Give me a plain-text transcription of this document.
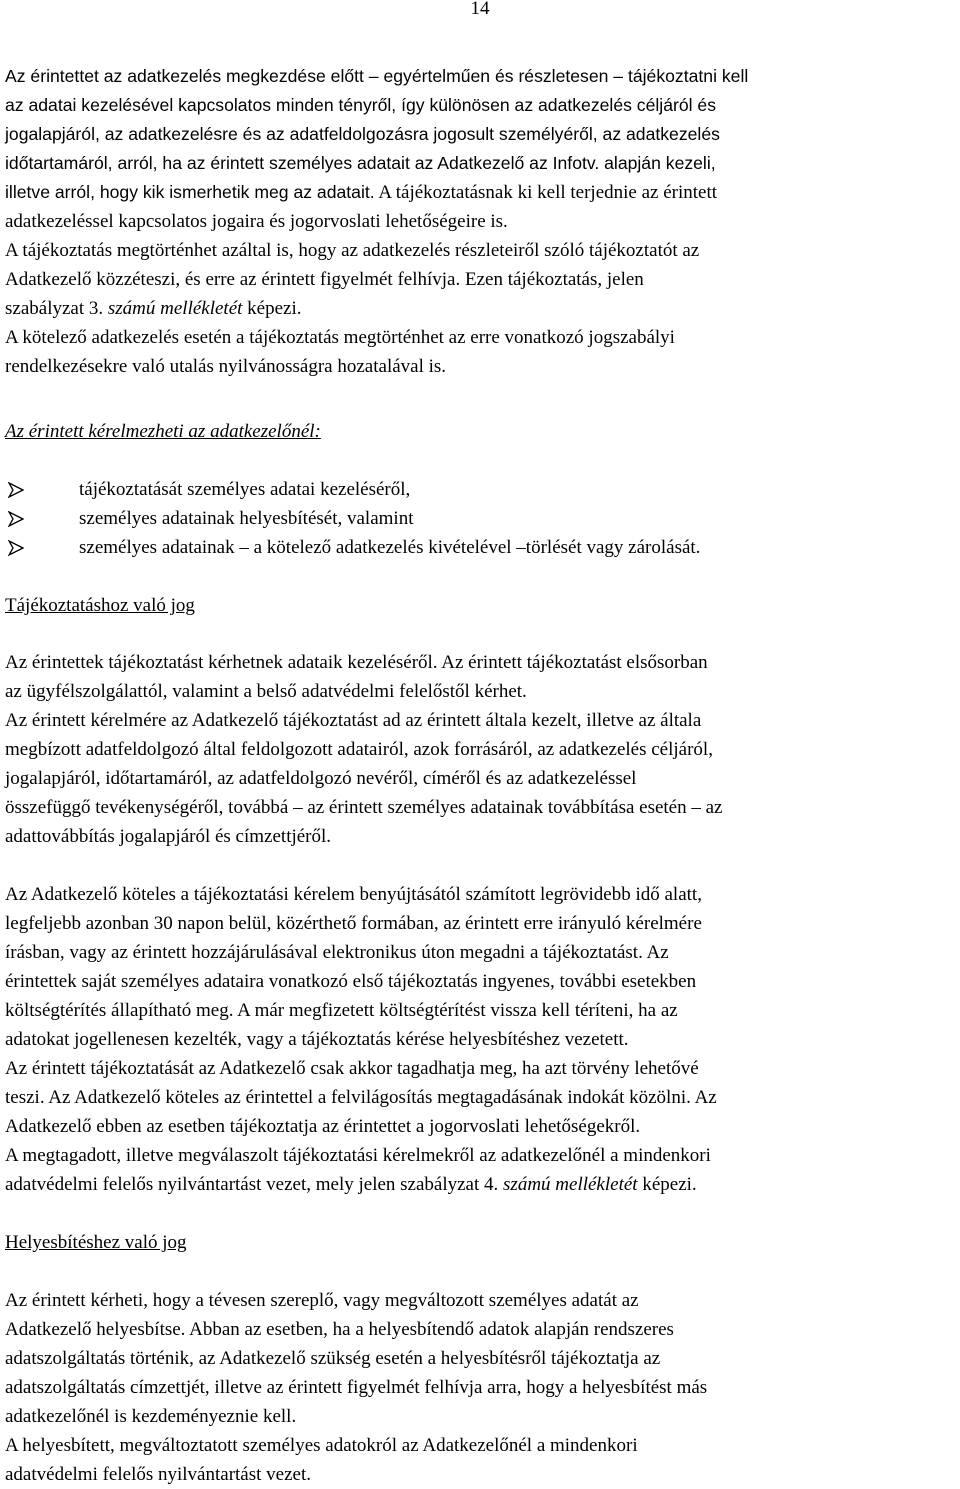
14

Az érintettet az adatkezelés megkezdése előtt – egyértelműen és részletesen – tájékoztatni kell

az adatai kezelésével kapcsolatos minden tényről, így különösen az adatkezelés céljáról és

jogalapjáról, az adatkezelésre és az adatfeldolgozásra jogosult személyéről, az adatkezelés

időtartamáról, arról, ha az érintett személyes adatait az Adatkezelő az Infotv. alapján kezeli,

illetve arról, hogy kik ismerhetik meg az adatait. A tájékoztatásnak ki kell terjednie az érintett

adatkezeléssel kapcsolatos jogaira és jogorvoslati lehetőségeire is.

A tájékoztatás megtörténhet azáltal is, hogy az adatkezelés részleteiről szóló tájékoztatót az

Adatkezelő közzéteszi, és erre az érintett figyelmét felhívja. Ezen tájékoztatás, jelen

szabályzat 3. számú mellékletét képezi.

A kötelező adatkezelés esetén a tájékoztatás megtörténhet az erre vonatkozó jogszabályi

rendelkezésekre való utalás nyilvánosságra hozatalával is.

Az érintett kérelmezheti az adatkezelőnél:
tájékoztatását személyes adatai kezeléséről,
személyes adatainak helyesbítését, valamint
személyes adatainak – a kötelező adatkezelés kivételével –törlését vagy zárolását.
Tájékoztatáshoz való jog

Az érintettek tájékoztatást kérhetnek adataik kezeléséről. Az érintett tájékoztatást elsősorban

az ügyfélszolgálattól, valamint a belső adatvédelmi felelőstől kérhet.

Az érintett kérelmére az Adatkezelő tájékoztatást ad az érintett általa kezelt, illetve az általa

megbízott adatfeldolgozó által feldolgozott adatairól, azok forrásáról, az adatkezelés céljáról,

jogalapjáról, időtartamáról, az adatfeldolgozó nevéről, címéről és az adatkezeléssel

összefüggő tevékenységéről, továbbá – az érintett személyes adatainak továbbítása esetén – az

adattovábbítás jogalapjáról és címzettjéről.

Az Adatkezelő köteles a tájékoztatási kérelem benyújtásától számított legrövidebb idő alatt,

legfeljebb azonban 30 napon belül, közérthető formában, az érintett erre irányuló kérelmére

írásban, vagy az érintett hozzájárulásával elektronikus úton megadni a tájékoztatást. Az

érintettek saját személyes adataira vonatkozó első tájékoztatás ingyenes, további esetekben

költségtérítés állapítható meg. A már megfizetett költségtérítést vissza kell téríteni, ha az

adatokat jogellenesen kezelték, vagy a tájékoztatás kérése helyesbítéshez vezetett.

Az érintett tájékoztatását az Adatkezelő csak akkor tagadhatja meg, ha azt törvény lehetővé

teszi. Az Adatkezelő köteles az érintettel a felvilágosítás megtagadásának indokát közölni. Az

Adatkezelő ebben az esetben tájékoztatja az érintettet a jogorvoslati lehetőségekről.

A megtagadott, illetve megválaszolt tájékoztatási kérelmekről az adatkezelőnél a mindenkori

adatvédelmi felelős nyilvántartást vezet, mely jelen szabályzat 4. számú mellékletét képezi.

Helyesbítéshez való jog

Az érintett kérheti, hogy a tévesen szereplő, vagy megváltozott személyes adatát az

Adatkezelő helyesbítse. Abban az esetben, ha a helyesbítendő adatok alapján rendszeres

adatszolgáltatás történik, az Adatkezelő szükség esetén a helyesbítésről tájékoztatja az

adatszolgáltatás címzettjét, illetve az érintett figyelmét felhívja arra, hogy a helyesbítést más

adatkezelőnél is kezdeményeznie kell.

A helyesbített, megváltoztatott személyes adatokról az Adatkezelőnél a mindenkori

adatvédelmi felelős nyilvántartást vezet.
